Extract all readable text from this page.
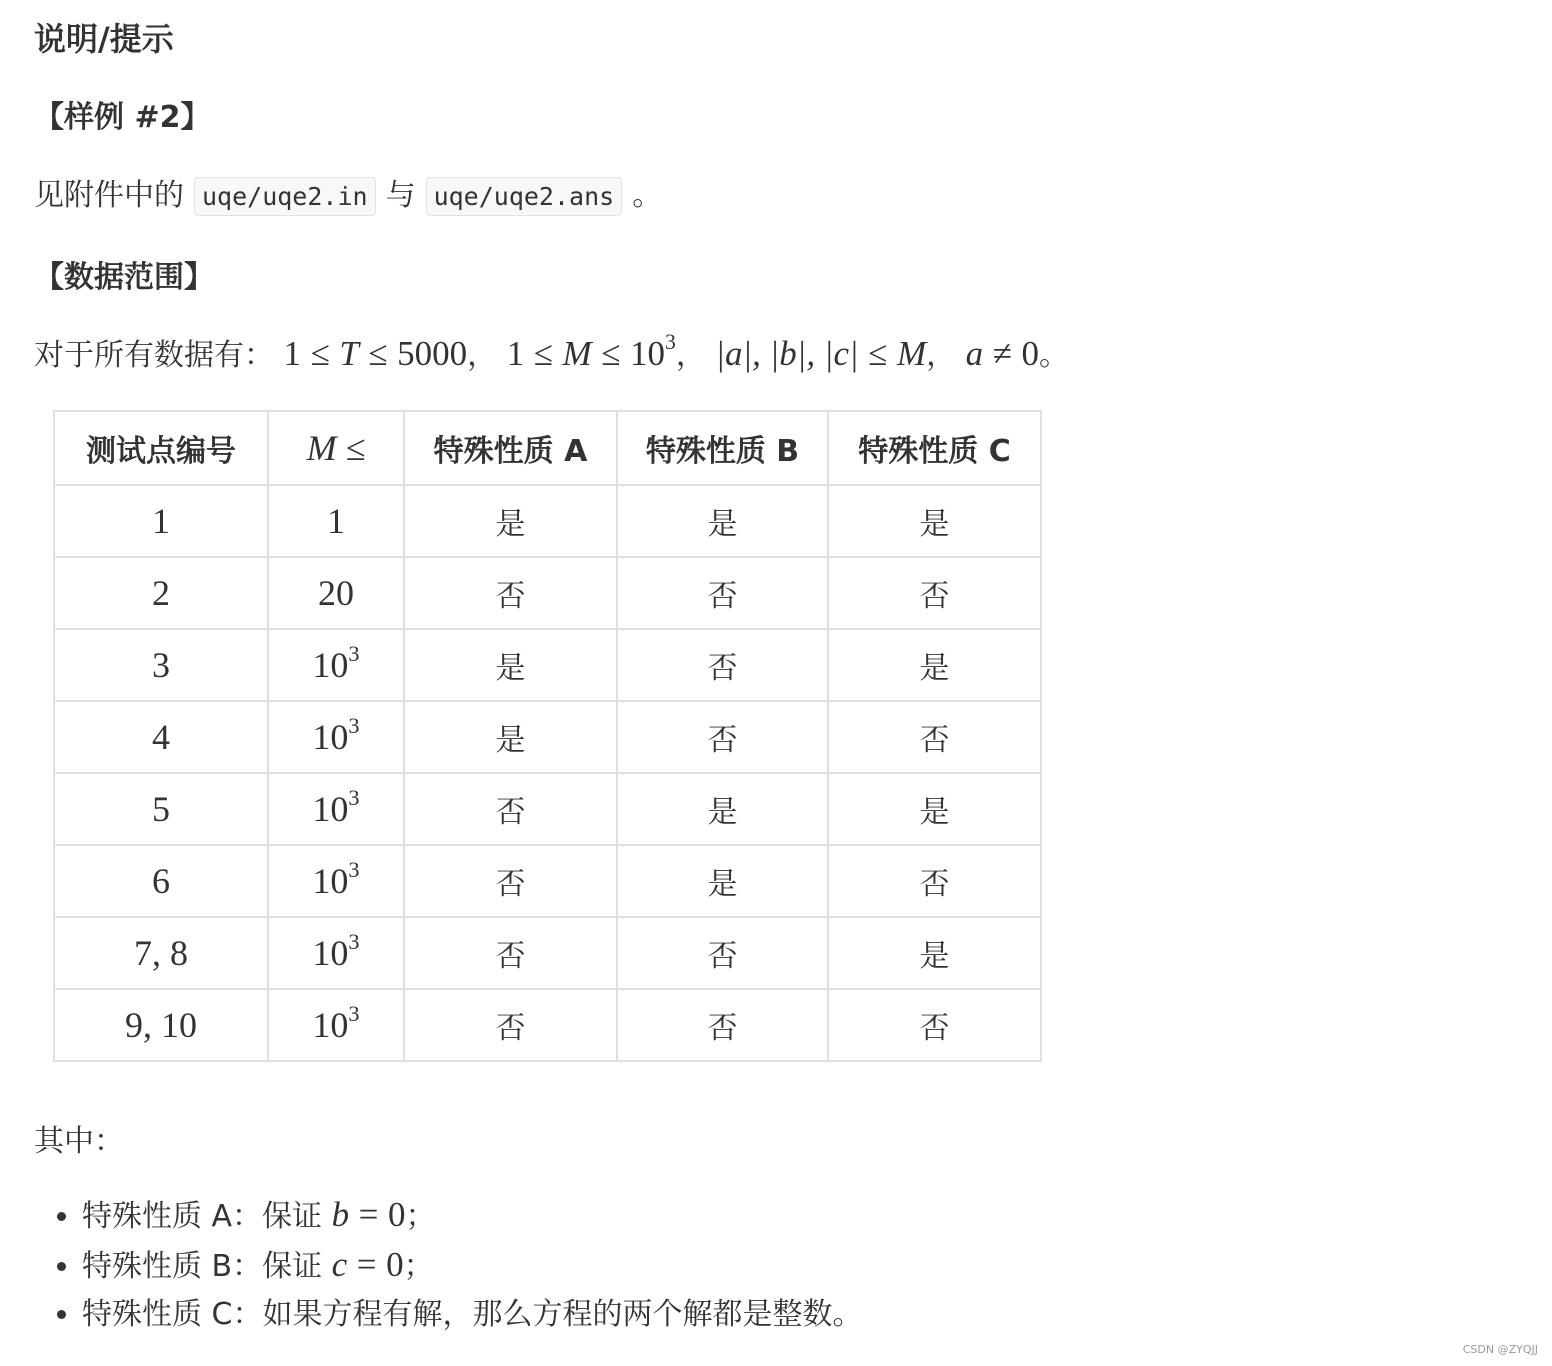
说明/提示
【样例 #2】
见附件中的 uqe/uqe2.in 与 uqe/uqe2.ans 。
【数据范围】
对于所有数据有： 1 ≤ T ≤ 5000， $1 \le M \le 10^3$， |a|, |b|, |c| ≤ M， a ≠ 0。
测试点编号	M ≤	特殊性质 A	特殊性质 B	特殊性质 C
1	1	是	是	是
2	20	否	否	否
3	$10^3$	是	否	是
4	$10^3$	是	否	否
5	$10^3$	否	是	是
6	$10^3$	否	是	否
7, 8	$10^3$	否	否	是
9, 10	$10^3$	否	否	否
其中：
• 特殊性质 A：保证 b = 0；
• 特殊性质 B：保证 c = 0；
• 特殊性质 C：如果方程有解，那么方程的两个解都是整数。
CSDN @ZYQJJ
